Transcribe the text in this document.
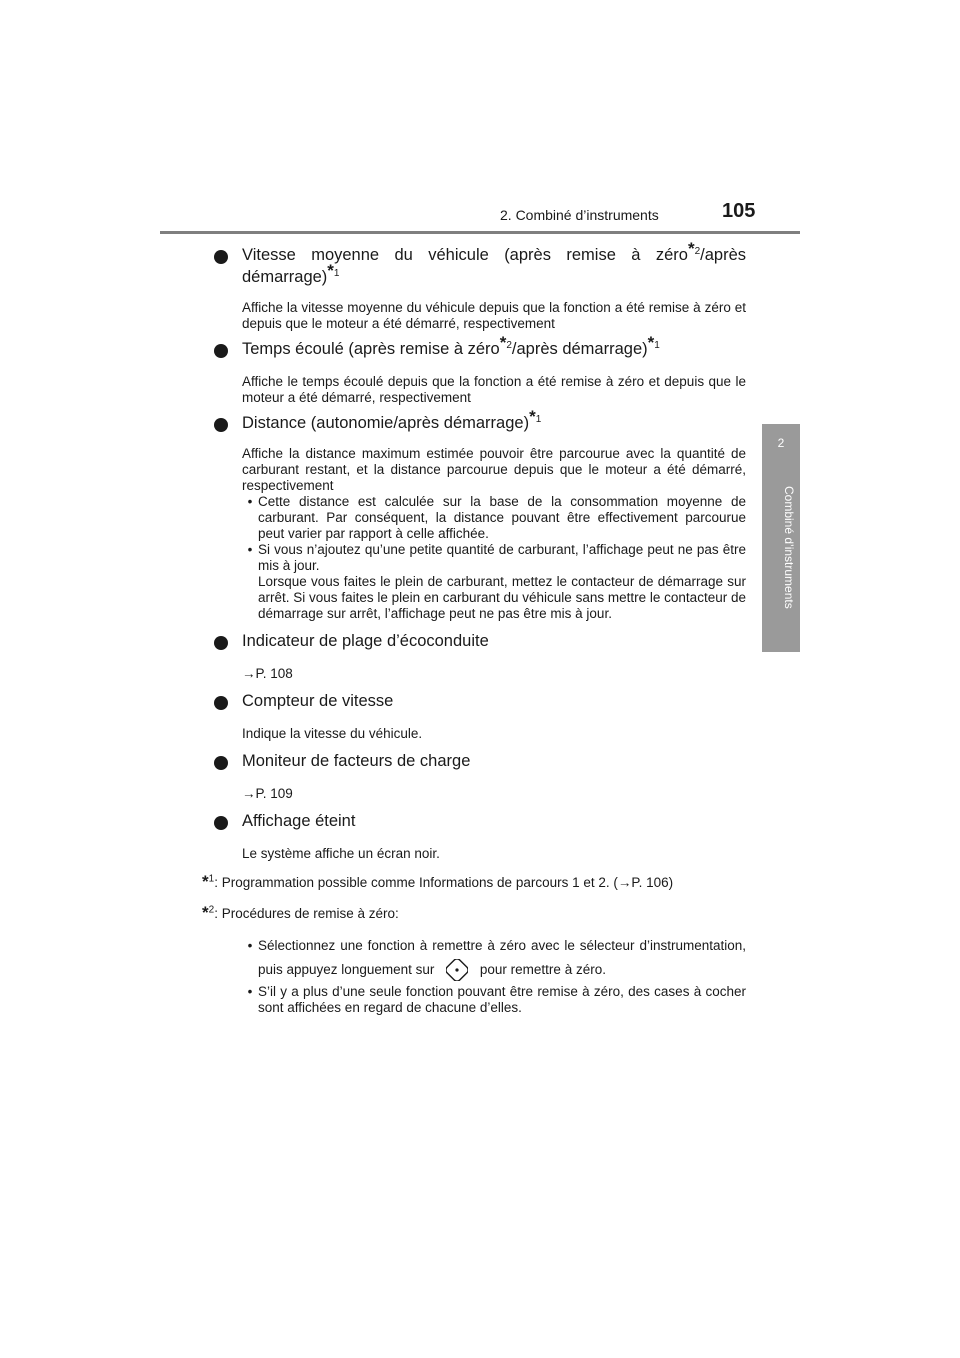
2. Combiné d’instruments	105
2
Combiné d’instruments
Vitesse moyenne du véhicule (après remise à zéro$^{*2}$/après démarrage)$^{*1}$
Affiche la vitesse moyenne du véhicule depuis que la fonction a été remise à zéro et depuis que le moteur a été démarré, respectivement
Temps écoulé (après remise à zéro$^{*2}$/après démarrage)$^{*1}$
Affiche le temps écoulé depuis que la fonction a été remise à zéro et depuis que le moteur a été démarré, respectivement
Distance (autonomie/après démarrage)$^{*1}$
Affiche la distance maximum estimée pouvoir être parcourue avec la quantité de carburant restant, et la distance parcourue depuis que le moteur a été démarré, respectivement
• Cette distance est calculée sur la base de la consommation moyenne de carburant. Par conséquent, la distance pouvant être effectivement parcourue peut varier par rapport à celle affichée.
• Si vous n’ajoutez qu’une petite quantité de carburant, l’affichage peut ne pas être mis à jour.
Lorsque vous faites le plein de carburant, mettez le contacteur de démarrage sur arrêt. Si vous faites le plein en carburant du véhicule sans mettre le contacteur de démarrage sur arrêt, l’affichage peut ne pas être mis à jour.
Indicateur de plage d’écoconduite
→P. 108
Compteur de vitesse
Indique la vitesse du véhicule.
Moniteur de facteurs de charge
→P. 109
Affichage éteint
Le système affiche un écran noir.
*$^1$: Programmation possible comme Informations de parcours 1 et 2. (→P. 106)
*$^2$: Procédures de remise à zéro:
• Sélectionnez une fonction à remettre à zéro avec le sélecteur d’instrumentation, puis appuyez longuement sur	pour remettre à zéro.
• S’il y a plus d’une seule fonction pouvant être remise à zéro, des cases à cocher sont affichées en regard de chacune d’elles.
